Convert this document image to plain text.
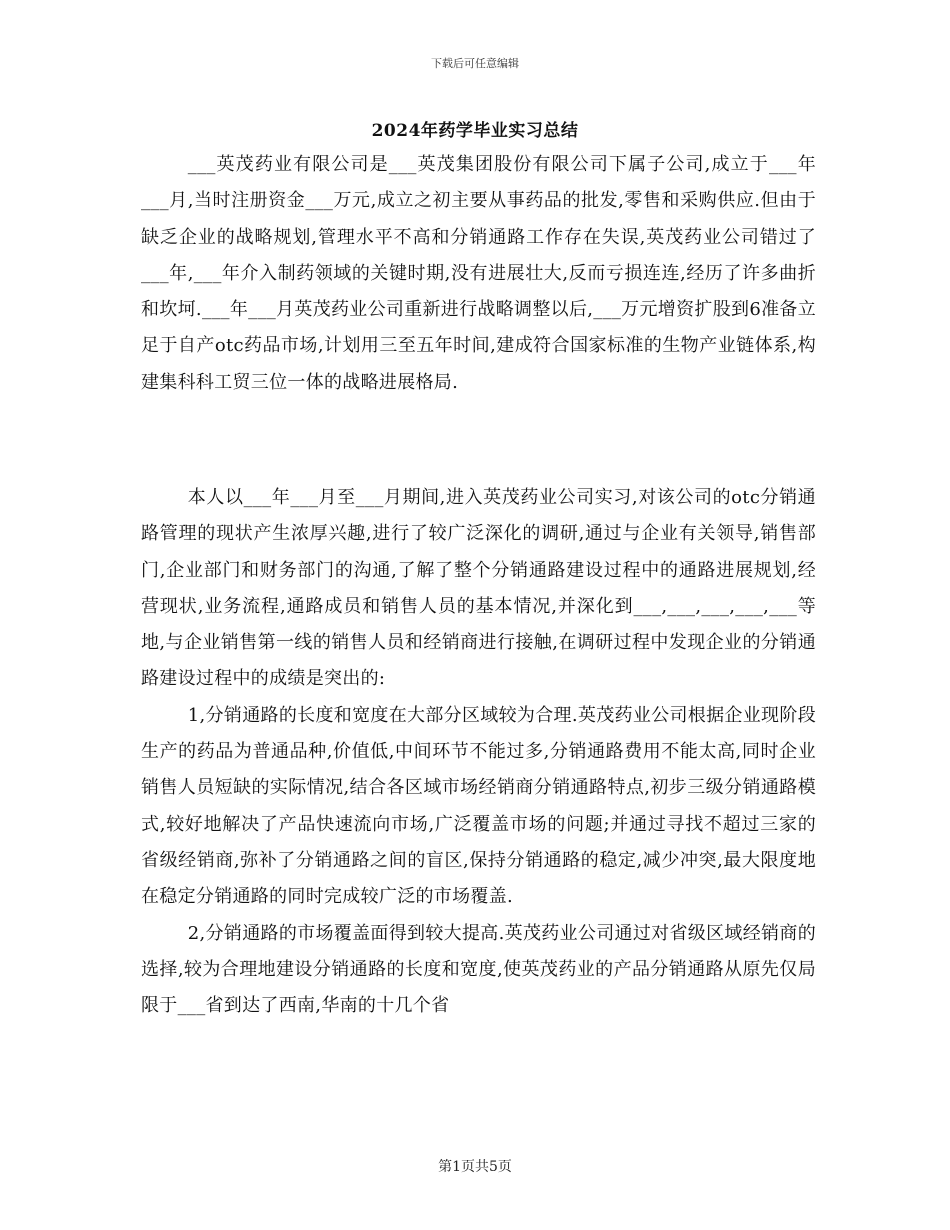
下载后可任意编辑
2024年药学毕业实习总结

___英茂药业有限公司是___英茂集团股份有限公司下属子公司,成立于___年___月,当时注册资金___万元,成立之初主要从事药品的批发,零售和采购供应.但由于缺乏企业的战略规划,管理水平不高和分销通路工作存在失误,英茂药业公司错过了___年,___年介入制药领域的关键时期,没有进展壮大,反而亏损连连,经历了许多曲折和坎坷.___年___月英茂药业公司重新进行战略调整以后,___万元增资扩股到6准备立足于自产otc药品市场,计划用三至五年时间,建成符合国家标准的生物产业链体系,构建集科科工贸三位一体的战略进展格局.

本人以___年___月至___月期间,进入英茂药业公司实习,对该公司的otc分销通路管理的现状产生浓厚兴趣,进行了较广泛深化的调研,通过与企业有关领导,销售部门,企业部门和财务部门的沟通,了解了整个分销通路建设过程中的通路进展规划,经营现状,业务流程,通路成员和销售人员的基本情况,并深化到___,___,___,___,___等地,与企业销售第一线的销售人员和经销商进行接触,在调研过程中发现企业的分销通路建设过程中的成绩是突出的:

1,分销通路的长度和宽度在大部分区域较为合理.英茂药业公司根据企业现阶段生产的药品为普通品种,价值低,中间环节不能过多,分销通路费用不能太高,同时企业销售人员短缺的实际情况,结合各区域市场经销商分销通路特点,初步三级分销通路模式,较好地解决了产品快速流向市场,广泛覆盖市场的问题;并通过寻找不超过三家的省级经销商,弥补了分销通路之间的盲区,保持分销通路的稳定,减少冲突,最大限度地在稳定分销通路的同时完成较广泛的市场覆盖.

2,分销通路的市场覆盖面得到较大提高.英茂药业公司通过对省级区域经销商的选择,较为合理地建设分销通路的长度和宽度,使英茂药业的产品分销通路从原先仅局限于___省到达了西南,华南的十几个省

第1页共5页
